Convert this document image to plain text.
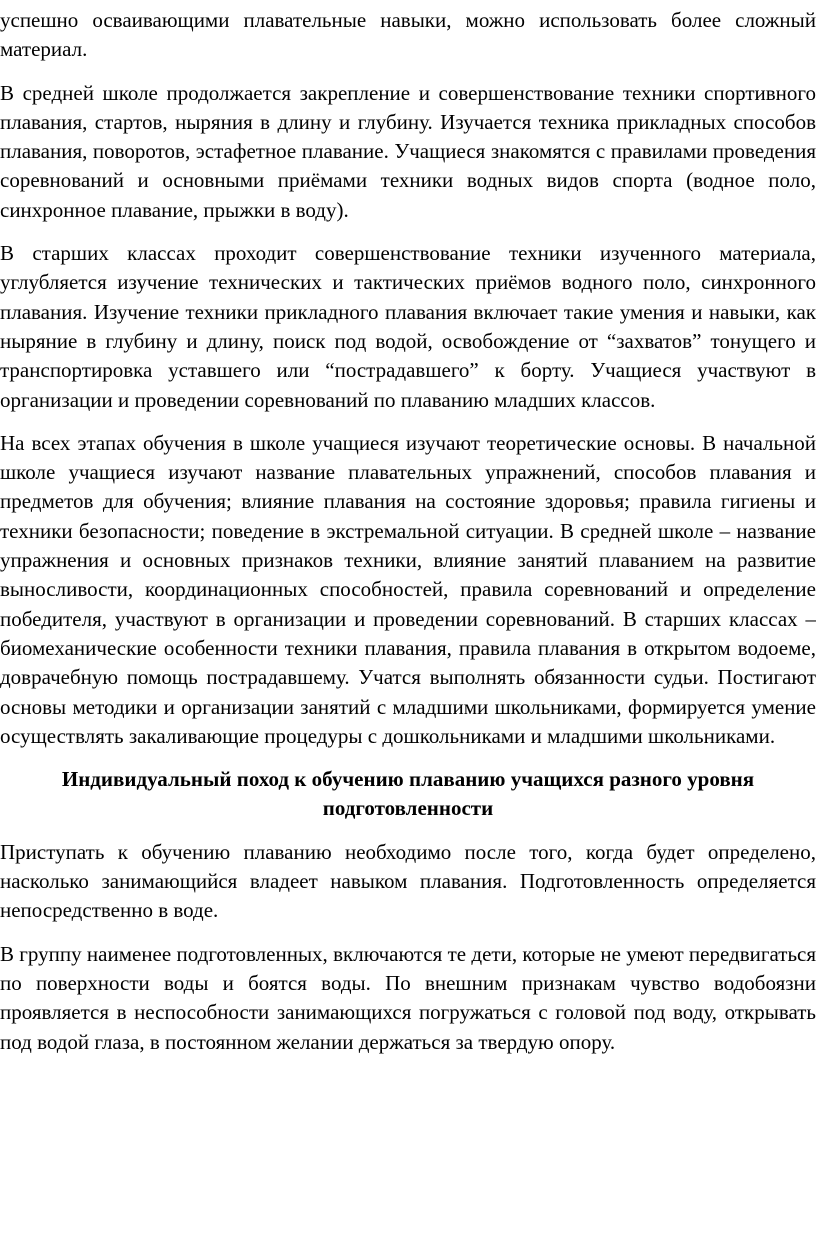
успешно осваивающими плавательные навыки, можно использовать более сложный материал.

В средней школе продолжается закрепление и совершенствование техники спортивного плавания, стартов, ныряния в длину и глубину. Изучается техника прикладных способов плавания, поворотов, эстафетное плавание. Учащиеся знакомятся с правилами проведения соревнований и основными приёмами техники водных видов спорта (водное поло, синхронное плавание, прыжки в воду).

В старших классах проходит совершенствование техники изученного материала, углубляется изучение технических и тактических приёмов водного поло, синхронного плавания. Изучение техники прикладного плавания включает такие умения и навыки, как ныряние в глубину и длину, поиск под водой, освобождение от “захватов” тонущего и транспортировка уставшего или “пострадавшего” к борту. Учащиеся участвуют в организации и проведении соревнований по плаванию младших классов.

На всех этапах обучения в школе учащиеся изучают теоретические основы. В начальной школе учащиеся изучают название плавательных упражнений, способов плавания и предметов для обучения; влияние плавания на состояние здоровья; правила гигиены и техники безопасности; поведение в экстремальной ситуации. В средней школе – название упражнения и основных признаков техники, влияние занятий плаванием на развитие выносливости, координационных способностей, правила соревнований и определение победителя, участвуют в организации и проведении соревнований. В старших классах – биомеханические особенности техники плавания, правила плавания в открытом водоеме, доврачебную помощь пострадавшему. Учатся выполнять обязанности судьи. Постигают основы методики и организации занятий с младшими школьниками, формируется умение осуществлять закаливающие процедуры с дошкольниками и младшими школьниками.

Индивидуальный поход к обучению плаванию учащихся разного уровня подготовленности

Приступать к обучению плаванию необходимо после того, когда будет определено, насколько занимающийся владеет навыком плавания. Подготовленность определяется непосредственно в воде.

В группу наименее подготовленных, включаются те дети, которые не умеют передвигаться по поверхности воды и боятся воды. По внешним признакам чувство водобоязни проявляется в неспособности занимающихся погружаться с головой под воду, открывать под водой глаза, в постоянном желании держаться за твердую опору.
